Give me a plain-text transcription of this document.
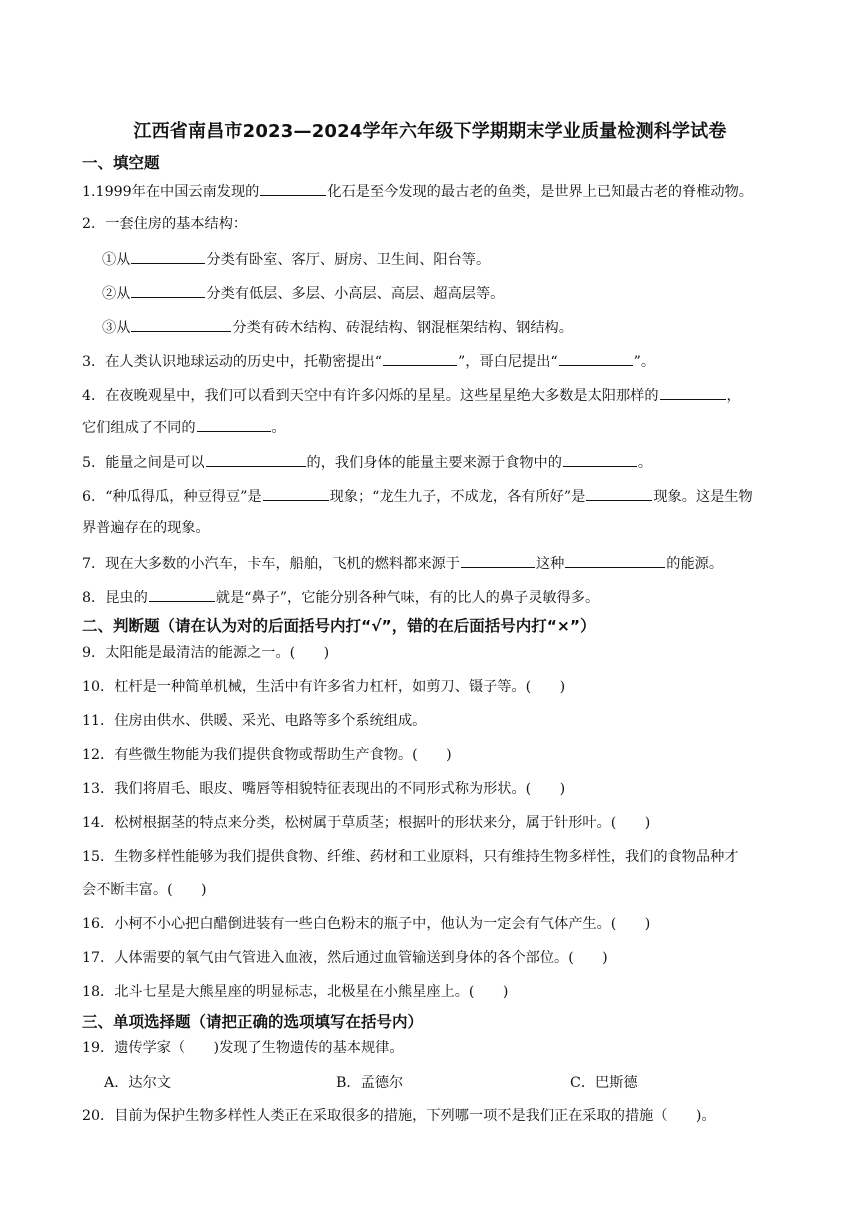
江西省南昌市2023—2024学年六年级下学期期末学业质量检测科学试卷
一、填空题
1.1999年在中国云南发现的	化石是至今发现的最古老的鱼类，是世界上已知最古老的脊椎动物。
2．一套住房的基本结构：
①从	分类有卧室、客厅、厨房、卫生间、阳台等。
②从	分类有低层、多层、小高层、高层、超高层等。
③从	分类有砖木结构、砖混结构、钢混框架结构、钢结构。
3．在人类认识地球运动的历史中，托勒密提出“	”，哥白尼提出“	”。
4．在夜晚观星中，我们可以看到天空中有许多闪烁的星星。这些星星绝大多数是太阳那样的	，
它们组成了不同的	。
5．能量之间是可以	的，我们身体的能量主要来源于食物中的	。
6．“种瓜得瓜，种豆得豆”是	现象；“龙生九子，不成龙，各有所好”是	现象。这是生物
界普遍存在的现象。
7．现在大多数的小汽车，卡车，船舶，飞机的燃料都来源于	这种	的能源。
8．昆虫的	就是“鼻子”，它能分别各种气味，有的比人的鼻子灵敏得多。
二、判断题（请在认为对的后面括号内打“√”，错的在后面括号内打“×”）
9．太阳能是最清洁的能源之一。(　　)
10．杠杆是一种简单机械，生活中有许多省力杠杆，如剪刀、镊子等。(　　)
11．住房由供水、供暖、采光、电路等多个系统组成。
12．有些微生物能为我们提供食物或帮助生产食物。(　　)
13．我们将眉毛、眼皮、嘴唇等相貌特征表现出的不同形式称为形状。(　　)
14．松树根据茎的特点来分类，松树属于草质茎；根据叶的形状来分，属于针形叶。(　　)
15．生物多样性能够为我们提供食物、纤维、药材和工业原料，只有维持生物多样性，我们的食物品种才
会不断丰富。(　　)
16．小柯不小心把白醋倒进装有一些白色粉末的瓶子中，他认为一定会有气体产生。(　　)
17．人体需要的氧气由气管进入血液，然后通过血管输送到身体的各个部位。(　　)
18．北斗七星是大熊星座的明显标志，北极星在小熊星座上。(　　)
三、单项选择题（请把正确的选项填写在括号内）
19．遗传学家（　　)发现了生物遗传的基本规律。
A．达尔文	B．孟德尔	C．巴斯德
20．目前为保护生物多样性人类正在采取很多的措施，下列哪一项不是我们正在采取的措施（　　)。
